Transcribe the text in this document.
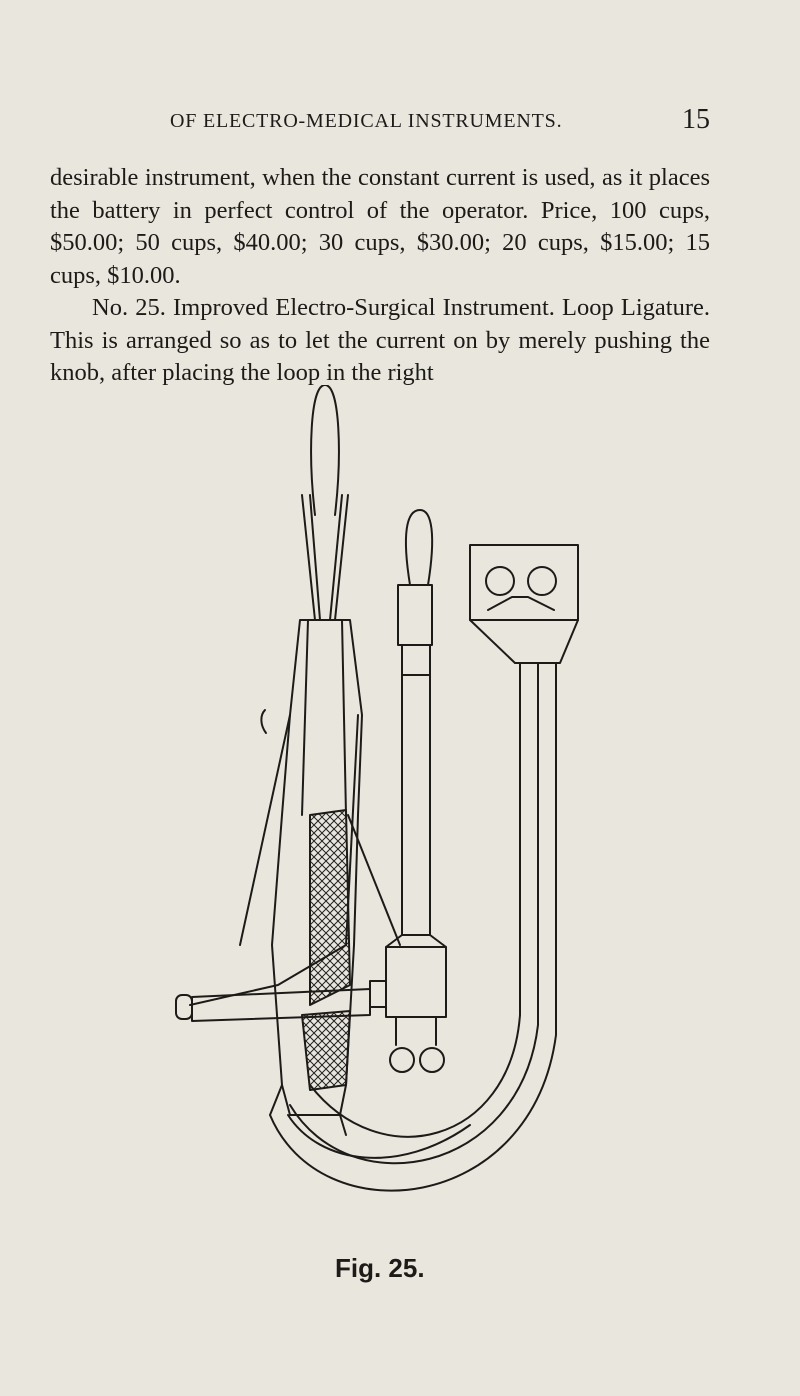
OF ELECTRO-MEDICAL INSTRUMENTS.	15

desirable instrument, when the constant current is used, as it places the battery in perfect control of the operator. Price, 100 cups, $50.00; 50 cups, $40.00; 30 cups, $30.00; 20 cups, $15.00; 15 cups, $10.00.

No. 25. Improved Electro-Surgical Instrument. Loop Ligature. This is arranged so as to let the current on by merely pushing the knob, after placing the loop in the right

Fig. 25.
